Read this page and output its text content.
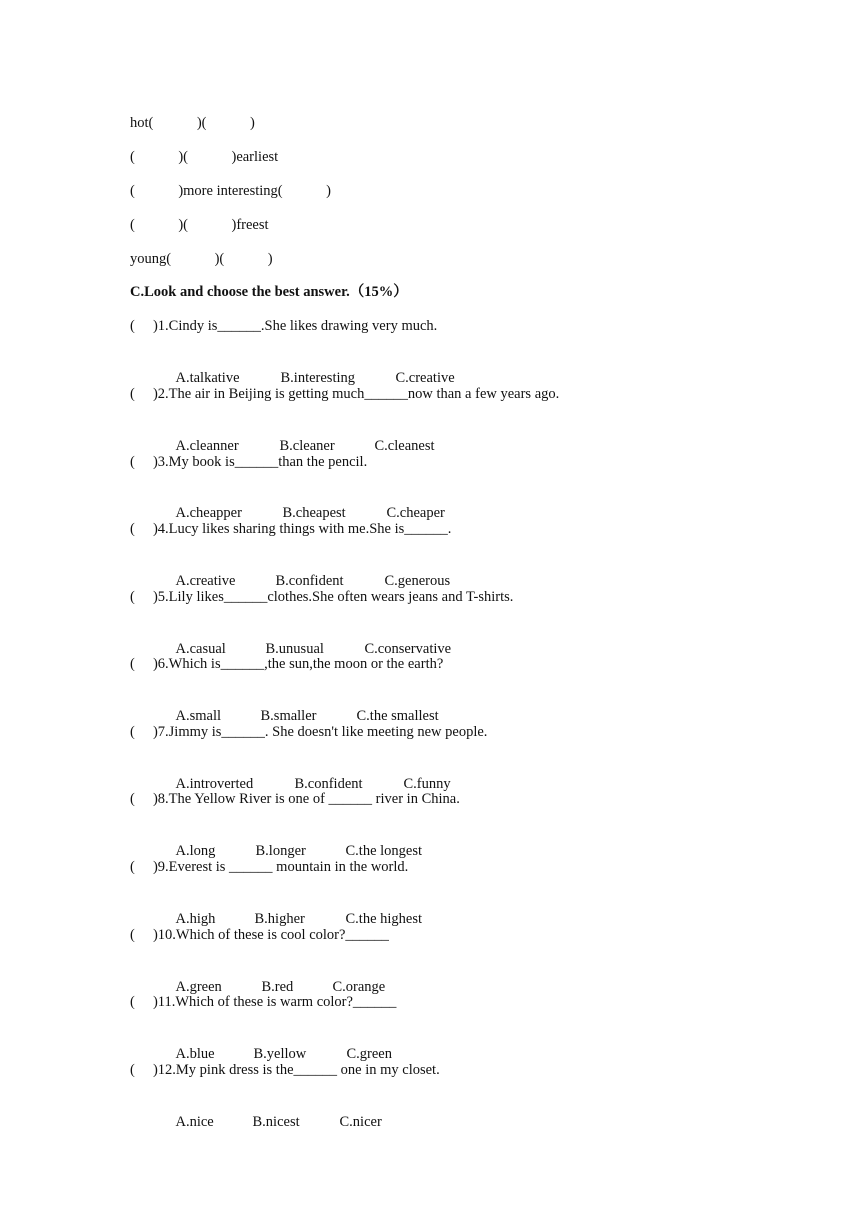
hot(            )(            )
(            )(            )earliest
(            )more interesting(            )
(            )(            )freest
young(            )(            )
C.Look and choose the best answer.（15%）
(     )1.Cindy is______.She likes drawing very much.

A.talkative	B.interesting	C.creative

(     )2.The air in Beijing is getting much______now than a few years ago.

A.cleanner	B.cleaner	C.cleanest

(     )3.My book is______than the pencil.

A.cheapper	B.cheapest	C.cheaper

(     )4.Lucy likes sharing things with me.She is______.

A.creative	B.confident	C.generous

(     )5.Lily likes______clothes.She often wears jeans and T-shirts.

A.casual	B.unusual	C.conservative

(     )6.Which is______,the sun,the moon or the earth?

A.small	B.smaller	C.the smallest

(     )7.Jimmy is______. She doesn't like meeting new people.

A.introverted	B.confident	C.funny

(     )8.The Yellow River is one of ______ river in China.

A.long	B.longer	C.the longest

(     )9.Everest is ______ mountain in the world.

A.high	B.higher	C.the highest

(     )10.Which of these is cool color?______

A.green	B.red	C.orange

(     )11.Which of these is warm color?______

A.blue	B.yellow	C.green

(     )12.My pink dress is the______ one in my closet.

A.nice	B.nicest	C.nicer
